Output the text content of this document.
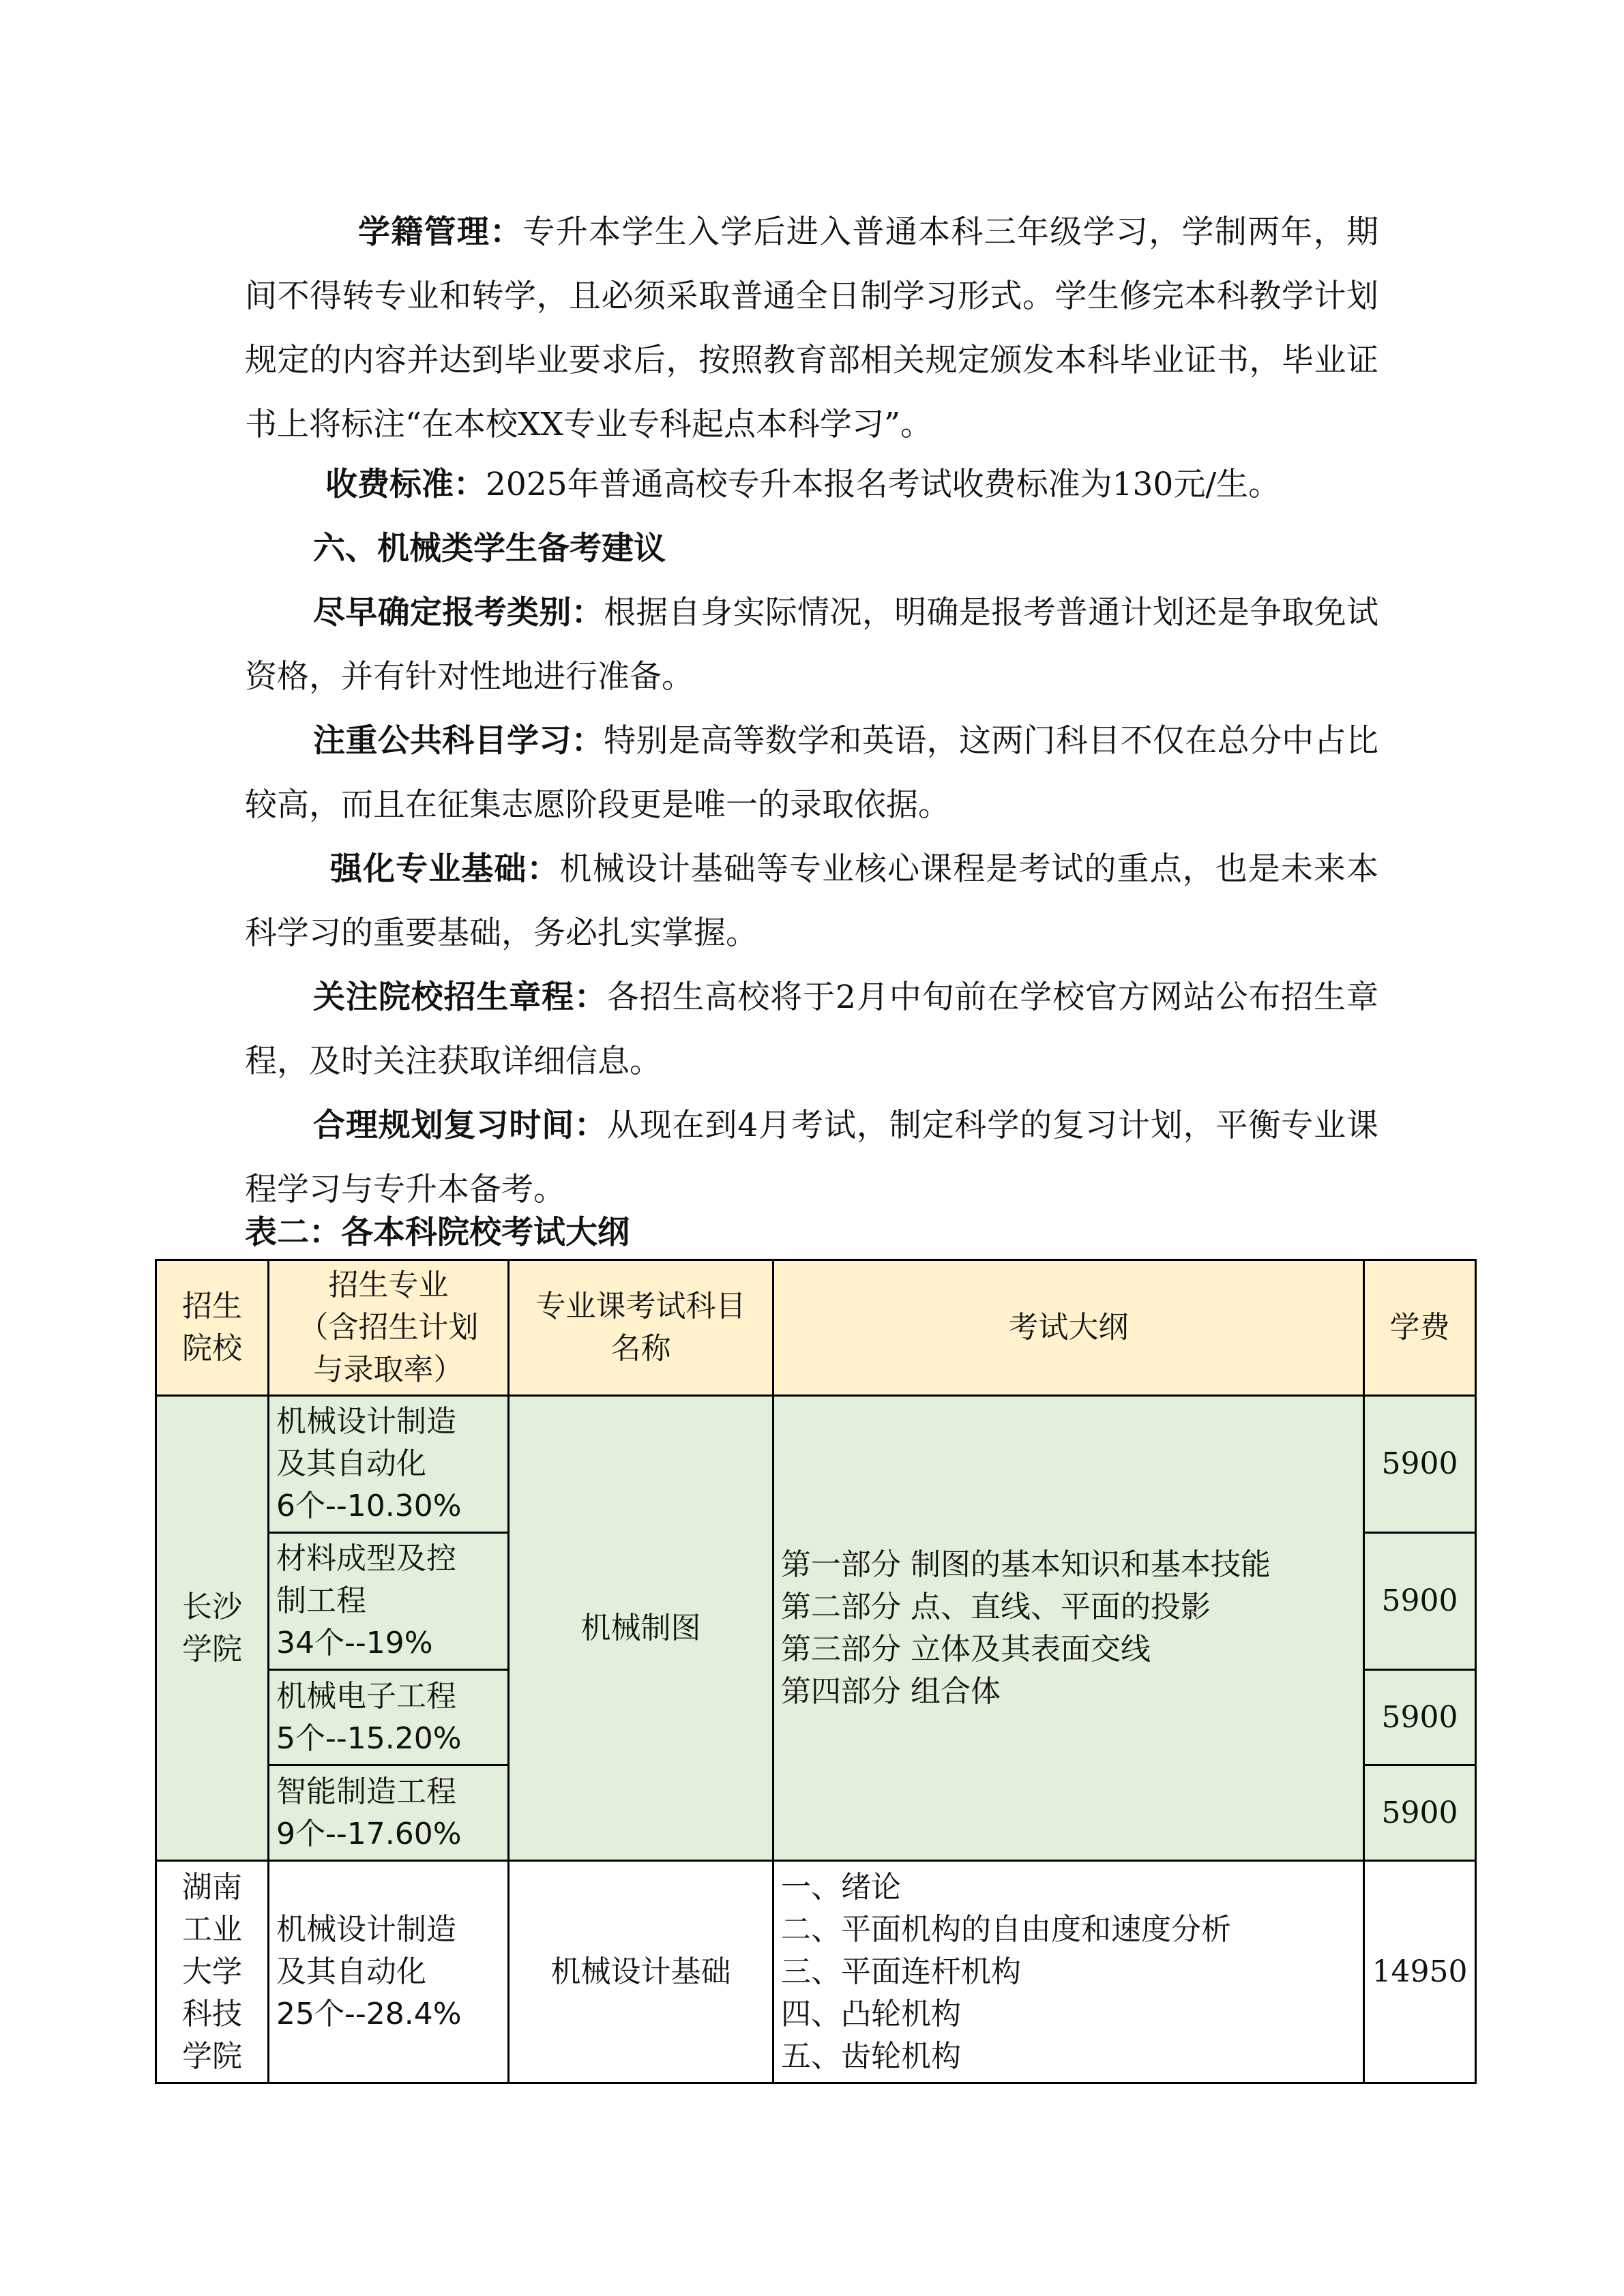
学籍管理：专升本学生入学后进入普通本科三年级学习，学制两年，期间不得转专业和转学，且必须采取普通全日制学习形式。学生修完本科教学计划规定的内容并达到毕业要求后，按照教育部相关规定颁发本科毕业证书，毕业证书上将标注“在本校XX专业专科起点本科学习”。

收费标准：2025年普通高校专升本报名考试收费标准为130元/生。

六、机械类学生备考建议

尽早确定报考类别：根据自身实际情况，明确是报考普通计划还是争取免试资格，并有针对性地进行准备。

注重公共科目学习：特别是高等数学和英语，这两门科目不仅在总分中占比较高，而且在征集志愿阶段更是唯一的录取依据。

强化专业基础：机械设计基础等专业核心课程是考试的重点，也是未来本科学习的重要基础，务必扎实掌握。

关注院校招生章程：各招生高校将于2月中旬前在学校官方网站公布招生章程，及时关注获取详细信息。

合理规划复习时间：从现在到4月考试，制定科学的复习计划，平衡专业课程学习与专升本备考。

表二：各本科院校考试大纲
招生
院校	招生专业
（含招生计划
与录取率）	专业课考试科目
名称	考试大纲	学费

长沙
学院	机械设计制造
及其自动化
6个--10.30%	机械制图	第一部分 制图的基本知识和基本技能
第二部分 点、直线、平面的投影
第三部分 立体及其表面交线
第四部分 组合体	5900

	材料成型及控
制工程
34个--19%			5900

	机械电子工程
5个--15.20%			5900

	智能制造工程
9个--17.60%			5900

湖南
工业
大学
科技
学院	机械设计制造
及其自动化
25个--28.4%	机械设计基础	一、绪论
二、平面机构的自由度和速度分析
三、平面连杆机构
四、凸轮机构
五、齿轮机构	14950
